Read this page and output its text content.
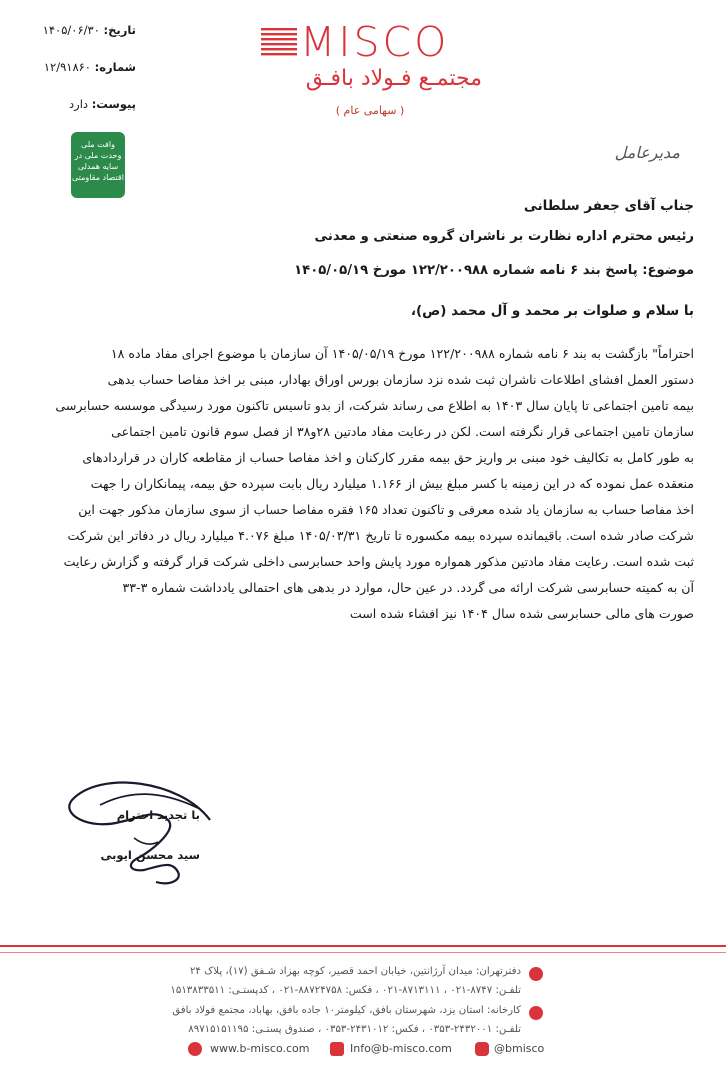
تاریخ: ۱۴۰۵/۰۶/۳۰
شماره: ۱۲/۹۱۸۶۰
پیوست: دارد
MISCO
مجتمـع فـولاد بافـق
( سهامی عام )
وافت ملی وحدت ملی در سایه همدلی اقتصاد مقاومتی
مدیرعامل
جناب آقای جعفر سلطانی
رئیس محترم اداره نظارت بر ناشران گروه صنعتی و معدنی
موضوع: پاسخ بند ۶ نامه شماره ۱۲۲/۲۰۰۹۸۸ مورخ ۱۴۰۵/۰۵/۱۹
با سلام و صلوات بر محمد و آل محمد (ص)،
احتراماً" بازگشت به بند ۶ نامه شماره ۱۲۲/۲۰۰۹۸۸ مورخ ۱۴۰۵/۰۵/۱۹ آن سازمان با موضوع اجرای مفاد ماده ۱۸
دستور العمل افشای اطلاعات ناشران ثبت شده نزد سازمان بورس اوراق بهادار، مبنی بر اخذ مفاصا حساب بدهی
بیمه تامین اجتماعی تا پایان سال ۱۴۰۳ به اطلاع می رساند شرکت، از بدو تاسیس تاکنون مورد رسیدگی موسسه حسابرسی
سازمان تامین اجتماعی قرار نگرفته است. لکن در رعایت مفاد مادتین ۲۸و۳۸ از فصل سوم قانون تامین اجتماعی
به طور کامل به تکالیف خود مبنی بر واریز حق بیمه مقرر کارکنان و اخذ مفاصا حساب از مقاطعه کاران در قراردادهای
منعقده عمل نموده که در این زمینه با کسر مبلغ بیش از ۱.۱۶۶ میلیارد ریال بابت سپرده حق بیمه، پیمانکاران را جهت
اخذ مفاصا حساب به سازمان یاد شده معرفی و تاکنون تعداد ۱۶۵ فقره مفاصا حساب از سوی سازمان مذکور جهت این
شرکت صادر شده است. باقیمانده سپرده بیمه مکسوره تا تاریخ ۱۴۰۵/۰۳/۳۱ مبلغ ۴.۰۷۶ میلیارد ریال در دفاتر این شرکت
ثبت شده است. رعایت مفاد مادتین مذکور همواره مورد پایش واحد حسابرسی داخلی شرکت قرار گرفته و گزارش رعایت
آن به کمیته حسابرسی شرکت ارائه می گردد. در عین حال، موارد در بدهی های احتمالی یادداشت شماره ۳-۳۳
صورت های مالی حسابرسی شده سال ۱۴۰۴ نیز افشاء شده است
با تجدید احترام
سید محسن ایوبی
دفترتهران: میدان آرژانتین، خیابان احمد قصیر، کوچه بهزاد شـفق (۱۷)، پلاک ۲۴
تلفـن: ۸۷۴۷-۰۲۱ ، ۸۷۱۳۱۱۱-۰۲۱ ، فکس: ۸۸۷۲۴۷۵۸-۰۲۱ ، کدپستـی: ۱۵۱۳۸۳۳۵۱۱
کارخانه: استان یزد، شهرستان بافق، کیلومتر۱۰ جاده بافق، بهاباد، مجتمع فولاد بافق
تلفـن: ۲۴۳۲۰۰۱-۰۳۵۳ ، فکس: ۲۴۳۱۰۱۲-۰۳۵۳ ، صندوق پستـی: ۸۹۷۱۵۱۵۱۱۹۵
www.b-misco.com	Info@b-misco.com	@bmisco
